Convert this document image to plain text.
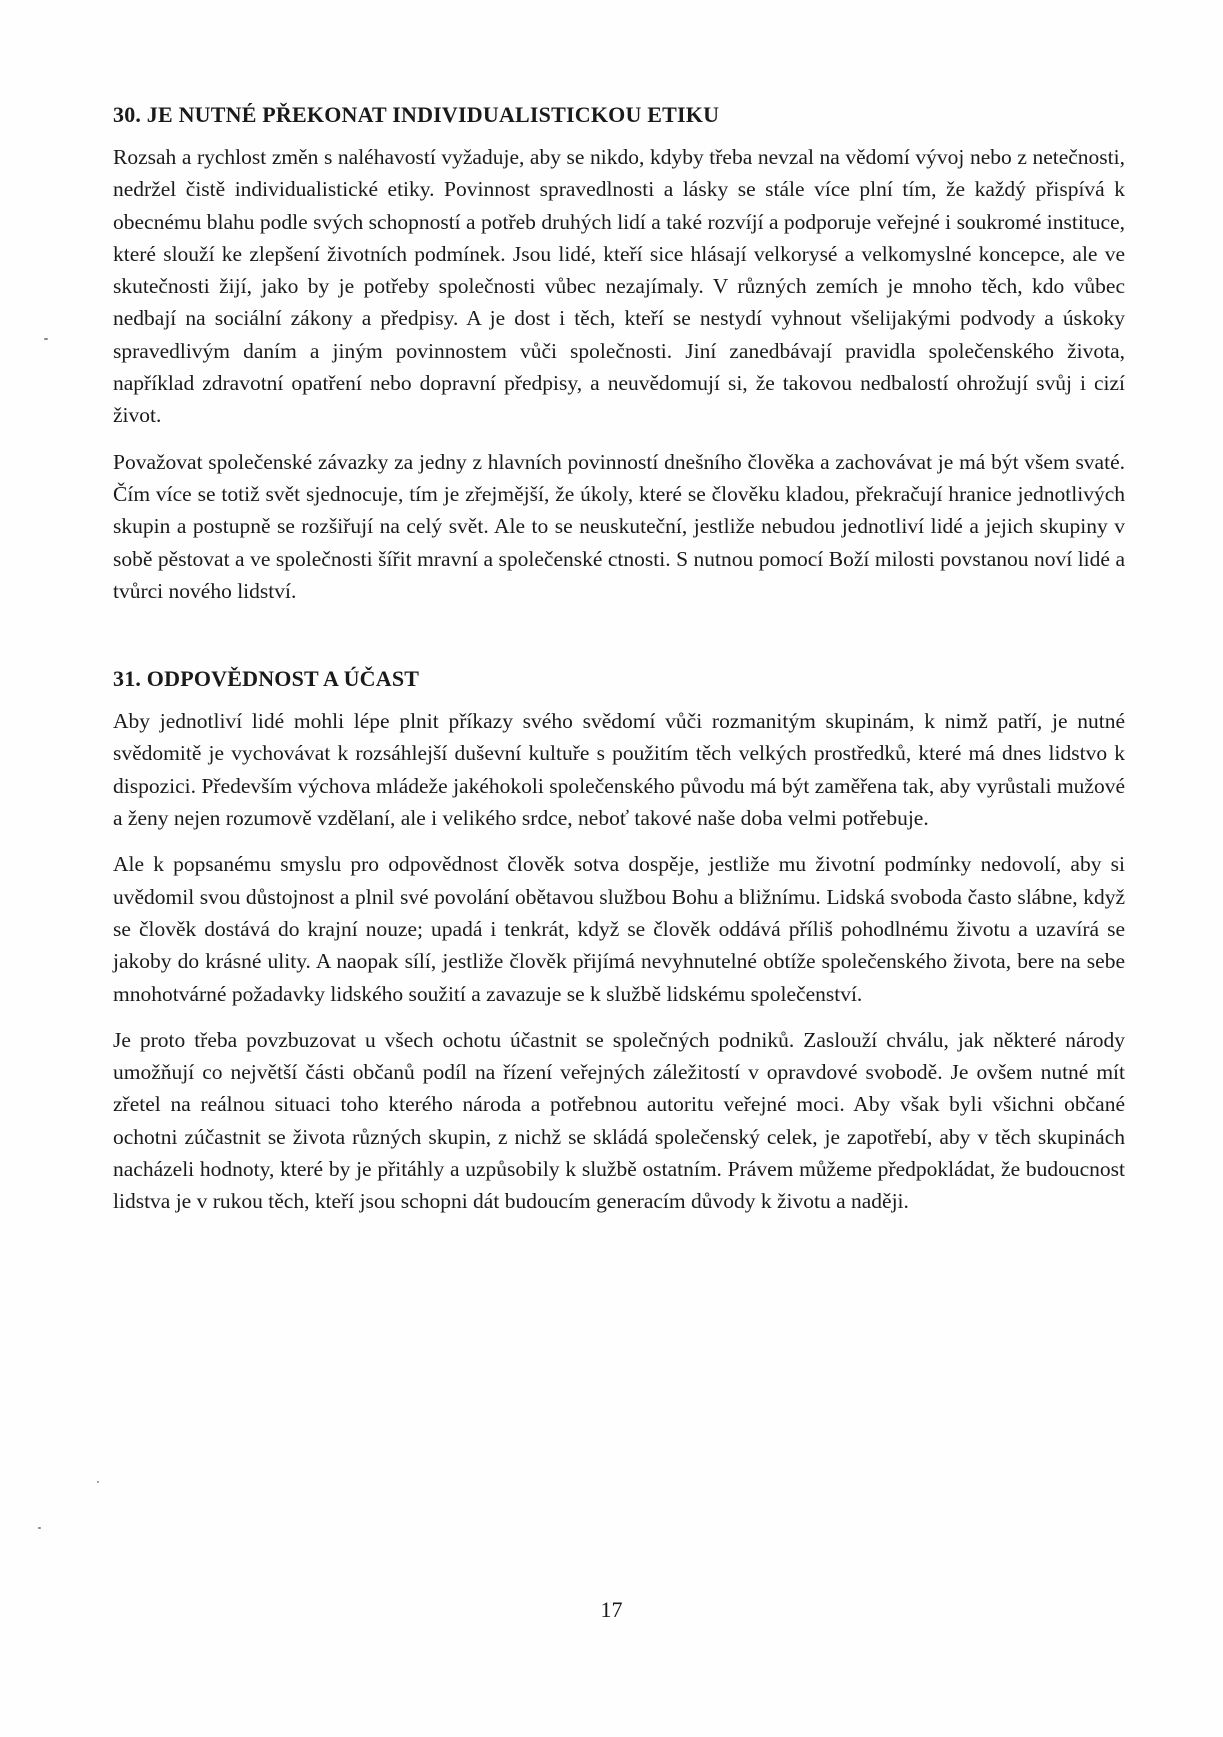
30. JE NUTNÉ PŘEKONAT INDIVIDUALISTICKOU ETIKU

Rozsah a rychlost změn s naléhavostí vyžaduje, aby se nikdo, kdyby třeba nevzal na vědomí vývoj nebo z netečnosti, nedržel čistě individualistické etiky. Povinnost spravedlnosti a lásky se stále více plní tím, že každý přispívá k obecnému blahu podle svých schopností a potřeb druhých lidí a také rozvíjí a podporuje veřejné i soukromé instituce, které slouží ke zlepšení životních podmínek. Jsou lidé, kteří sice hlásají velkorysé a velkomyslné koncepce, ale ve skutečnosti žijí, jako by je potřeby společnosti vůbec nezajímaly. V různých zemích je mnoho těch, kdo vůbec nedbají na sociální zákony a předpisy. A je dost i těch, kteří se nestydí vyhnout všelijakými podvody a úskoky spravedlivým daním a jiným povinnostem vůči společnosti. Jiní zanedbávají pravidla společenského života, například zdravotní opatření nebo dopravní předpisy, a neuvědomují si, že takovou nedbalostí ohrožují svůj i cizí život.

Považovat společenské závazky za jedny z hlavních povinností dnešního člověka a zachovávat je má být všem svaté. Čím více se totiž svět sjednocuje, tím je zřejmější, že úkoly, které se člověku kladou, překračují hranice jednotlivých skupin a postupně se rozšiřují na celý svět. Ale to se neuskuteční, jestliže nebudou jednotliví lidé a jejich skupiny v sobě pěstovat a ve společnosti šířit mravní a společenské ctnosti. S nutnou pomocí Boží milosti povstanou noví lidé a tvůrci nového lidství.

31. ODPOVĚDNOST A ÚČAST

Aby jednotliví lidé mohli lépe plnit příkazy svého svědomí vůči rozmanitým skupinám, k nimž patří, je nutné svědomitě je vychovávat k rozsáhlejší duševní kultuře s použitím těch velkých prostředků, které má dnes lidstvo k dispozici. Především výchova mládeže jakéhokoli společenského původu má být zaměřena tak, aby vyrůstali mužové a ženy nejen rozumově vzdělaní, ale i velikého srdce, neboť takové naše doba velmi potřebuje.

Ale k popsanému smyslu pro odpovědnost člověk sotva dospěje, jestliže mu životní podmínky nedovolí, aby si uvědomil svou důstojnost a plnil své povolání obětavou službou Bohu a bližnímu. Lidská svoboda často slábne, když se člověk dostává do krajní nouze; upadá i tenkrát, když se člověk oddává příliš pohodlnému životu a uzavírá se jakoby do krásné ulity. A naopak sílí, jestliže člověk přijímá nevyhnutelné obtíže společenského života, bere na sebe mnohotvárné požadavky lidského soužití a zavazuje se k službě lidskému společenství.

Je proto třeba povzbuzovat u všech ochotu účastnit se společných podniků. Zaslouží chválu, jak některé národy umožňují co největší části občanů podíl na řízení veřejných záležitostí v opravdové svobodě. Je ovšem nutné mít zřetel na reálnou situaci toho kterého národa a potřebnou autoritu veřejné moci. Aby však byli všichni občané ochotni zúčastnit se života různých skupin, z nichž se skládá společenský celek, je zapotřebí, aby v těch skupinách nacházeli hodnoty, které by je přitáhly a uzpůsobily k službě ostatním. Právem můžeme předpokládat, že budoucnost lidstva je v rukou těch, kteří jsou schopni dát budoucím generacím důvody k životu a naději.

17
